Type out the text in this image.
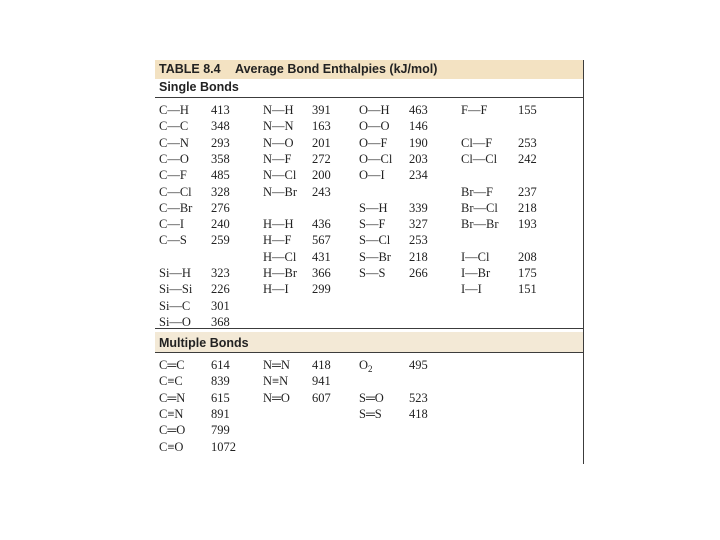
TABLE 8.4 Average Bond Enthalpies (kJ/mol)
Single Bonds
Multiple Bonds
C—H 413
C—C 348
C—N 293
C—O 358
C—F 485
C—Cl 328
C—Br 276
C—I 240
C—S 259
Si—H 323
Si—Si 226
Si—C 301
Si—O 368
N—H 391
N—N 163
N—O 201
N—F 272
N—Cl 200
N—Br 243
H—H 436
H—F 567
H—Cl 431
H—Br 366
H—I 299
O—H 463
O—O 146
O—F 190
O—Cl 203
O—I 234
S—H 339
S—F 327
S—Cl 253
S—Br 218
S—S 266
F—F 155
Cl—F 253
Cl—Cl 242
Br—F 237
Br—Cl 218
Br—Br 193
I—Cl 208
I—Br 175
I—I	151
C═C 614
C≡C 839
C═N 615
C≡N 891
C═O 799
C≡O 1072
N═N 418
N≡N 941
N═O 607
$O_2$	495
S═O 523
S═S 418
